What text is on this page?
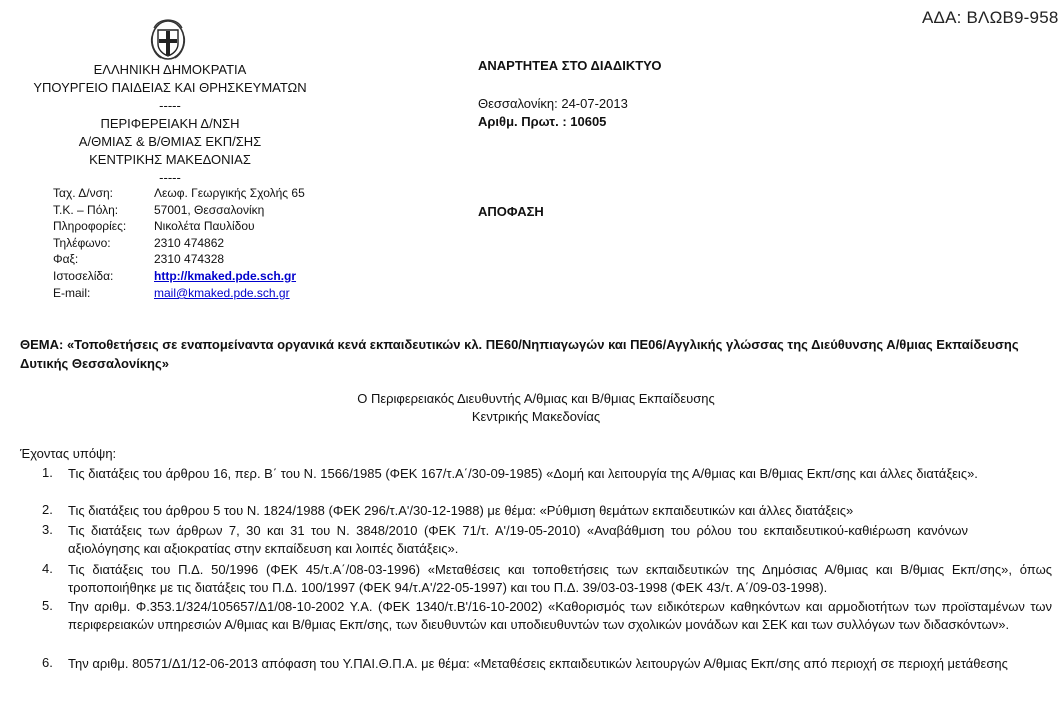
ΑΔΑ: ΒΛΩΒ9-958
ΕΛΛΗΝΙΚΗ ΔΗΜΟΚΡΑΤΙΑ
ΥΠΟΥΡΓΕΙΟ ΠΑΙΔΕΙΑΣ ΚΑΙ ΘΡΗΣΚΕΥΜΑΤΩΝ
-----
ΠΕΡΙΦΕΡΕΙΑΚΗ Δ/ΝΣΗ
Α/ΘΜΙΑΣ & Β/ΘΜΙΑΣ ΕΚΠ/ΣΗΣ
ΚΕΝΤΡΙΚΗΣ ΜΑΚΕΔΟΝΙΑΣ
-----
Ταχ. Δ/νση:	Λεωφ. Γεωργικής Σχολής 65
Τ.Κ. – Πόλη:	57001, Θεσσαλονίκη
Πληροφορίες: Νικολέτα Παυλίδου
Τηλέφωνο:	2310 474862
Φαξ:	2310 474328
Ιστοσελίδα:	http://kmaked.pde.sch.gr
E-mail:	mail@kmaked.pde.sch.gr
ΑΝΑΡΤΗΤΕΑ ΣΤΟ ΔΙΑΔΙΚΤΥΟ
Θεσσαλονίκη: 24-07-2013
Αριθμ. Πρωτ. : 10605
ΑΠΟΦΑΣΗ
ΘΕΜΑ: «Τοποθετήσεις σε εναπομείναντα οργανικά κενά εκπαιδευτικών κλ. ΠΕ60/Νηπιαγωγών και ΠΕ06/Αγγλικής γλώσσας της Διεύθυνσης Α/θμιας Εκπαίδευσης Δυτικής Θεσσαλονίκης»
Ο Περιφερειακός Διευθυντής Α/θμιας και Β/θμιας Εκπαίδευσης
Κεντρικής Μακεδονίας
Έχοντας υπόψη:
1. Τις διατάξεις του άρθρου 16, περ. Β΄ του Ν. 1566/1985 (ΦΕΚ 167/τ.Α΄/30-09-1985) «Δομή και λειτουργία της Α/θμιας και Β/θμιας Εκπ/σης και άλλες διατάξεις».
2. Τις διατάξεις του άρθρου 5 του Ν. 1824/1988 (ΦΕΚ 296/τ.Α'/30-12-1988) με θέμα: «Ρύθμιση θεμάτων εκπαιδευτικών και άλλες διατάξεις»
3. Τις διατάξεις των άρθρων 7, 30 και 31 του Ν. 3848/2010 (ΦΕΚ 71/τ. Α'/19-05-2010) «Αναβάθμιση του ρόλου του εκπαιδευτικού-καθιέρωση κανόνων αξιολόγησης και αξιοκρατίας στην εκπαίδευση και λοιπές διατάξεις».
4. Τις διατάξεις του Π.Δ. 50/1996 (ΦΕΚ 45/τ.Α΄/08-03-1996) «Μεταθέσεις και τοποθετήσεις των εκπαιδευτικών της Δημόσιας Α/θμιας και Β/θμιας Εκπ/σης», όπως τροποποιήθηκε με τις διατάξεις του Π.Δ. 100/1997 (ΦΕΚ 94/τ.Α'/22-05-1997) και του Π.Δ. 39/03-03-1998 (ΦΕΚ 43/τ. Α΄/09-03-1998).
5. Την αριθμ. Φ.353.1/324/105657/Δ1/08-10-2002 Υ.Α. (ΦΕΚ 1340/τ.Β'/16-10-2002) «Καθορισμός των ειδικότερων καθηκόντων και αρμοδιοτήτων των προϊσταμένων των περιφερειακών υπηρεσιών Α/θμιας και Β/θμιας Εκπ/σης, των διευθυντών και υποδιευθυντών των σχολικών μονάδων και ΣΕΚ και των συλλόγων των διδασκόντων».
6. Την αριθμ. 80571/Δ1/12-06-2013 απόφαση του Υ.ΠΑΙ.Θ.Π.Α. με θέμα: «Μεταθέσεις εκπαιδευτικών λειτουργών Α/θμιας Εκπ/σης από περιοχή σε περιοχή μετάθεσης
